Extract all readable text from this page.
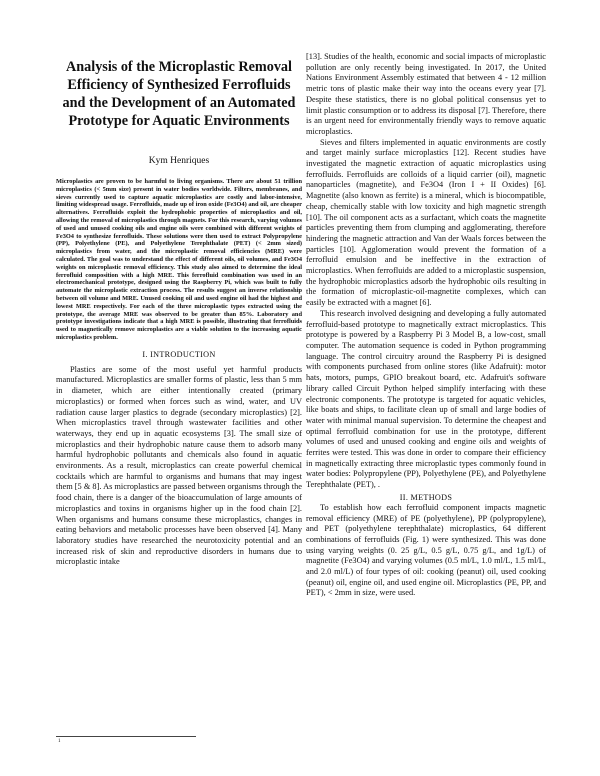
Analysis of the Microplastic Removal Efficiency of Synthesized Ferrofluids and the Development of an Automated Prototype for Aquatic Environments
Kym Henriques

Microplastics are proven to be harmful to living organisms. There are about 51 trillion microplastics (< 5mm size) present in water bodies worldwide. Filters, membranes, and sieves currently used to capture aquatic microplastics are costly and labor-intensive, limiting widespread usage. Ferrofluids, made up of iron oxide (Fe3O4) and oil, are cheaper alternatives. Ferrofluids exploit the hydrophobic properties of microplastics and oil, allowing the removal of microplastics through magnets. For this research, varying volumes of used and unused cooking oils and engine oils were combined with different weights of Fe3O4 to synthesize ferrofluids. These solutions were then used to extract Polypropylene (PP), Polyethylene (PE), and Polyethylene Terephthalate (PET) (< 2mm sized) microplastics from water, and the microplastic removal efficiencies (MRE) were calculated. The goal was to understand the effect of different oils, oil volumes, and Fe3O4 weights on microplastic removal efficiency. This study also aimed to determine the ideal ferrofluid composition with a high MRE. This ferrofluid combination was used in an electromechanical prototype, designed using the Raspberry Pi, which was built to fully automate the microplastic extraction process. The results suggest an inverse relationship between oil volume and MRE. Unused cooking oil and used engine oil had the highest and lowest MRE respectively. For each of the three microplastic types extracted using the prototype, the average MRE was observed to be greater than 85%. Laboratory and prototype investigations indicate that a high MRE is possible, illustrating that ferrofluids used to magnetically remove microplastics are a viable solution to the increasing aquatic microplastics problem.

I. INTRODUCTION

Plastics are some of the most useful yet harmful products manufactured. Microplastics are smaller forms of plastic, less than 5 mm in diameter, which are either intentionally created (primary microplastics) or formed when forces such as wind, water, and UV radiation cause larger plastics to degrade (secondary microplastics) [2]. When microplastics travel through wastewater facilities and other waterways, they end up in aquatic ecosystems [3]. The small size of microplastics and their hydrophobic nature cause them to adsorb many harmful hydrophobic pollutants and chemicals also found in aquatic environments. As a result, microplastics can create powerful chemical cocktails which are harmful to organisms and humans that may ingest them [5 & 8]. As microplastics are passed between organisms through the food chain, there is a danger of the bioaccumulation of large amounts of microplastics and toxins in organisms higher up in the food chain [2]. When organisms and humans consume these microplastics, changes in eating behaviors and metabolic processes have been observed [4]. Many laboratory studies have researched the neurotoxicity potential and an increased risk of skin and reproductive disorders in humans due to microplastic intake

[13]. Studies of the health, economic and social impacts of microplastic pollution are only recently being investigated. In 2017, the United Nations Environment Assembly estimated that between 4 - 12 million metric tons of plastic make their way into the oceans every year [7]. Despite these statistics, there is no global political consensus yet to limit plastic consumption or to address its disposal [7]. Therefore, there is an urgent need for environmentally friendly ways to remove aquatic microplastics.

Sieves and filters implemented in aquatic environments are costly and target mainly surface microplastics [12]. Recent studies have investigated the magnetic extraction of aquatic microplastics using ferrofluids. Ferrofluids are colloids of a liquid carrier (oil), magnetic nanoparticles (magnetite), and Fe3O4 (Iron I + II Oxides) [6]. Magnetite (also known as ferrite) is a mineral, which is biocompatible, cheap, chemically stable with low toxicity and high magnetic strength [10]. The oil component acts as a surfactant, which coats the magnetite particles preventing them from clumping and agglomerating, therefore hindering the magnetic attraction and Van der Waals forces between the particles [10]. Agglomeration would prevent the formation of a ferrofluid emulsion and be ineffective in the extraction of microplastics. When ferrofluids are added to a microplastic suspension, the hydrophobic microplastics adsorb the hydrophobic oils resulting in the formation of microplastic-oil-magnetite complexes, which can easily be extracted with a magnet [6].

This research involved designing and developing a fully automated ferrofluid-based prototype to magnetically extract microplastics. This prototype is powered by a Raspberry Pi 3 Model B, a low-cost, small computer. The automation sequence is coded in Python programming language. The control circuitry around the Raspberry Pi is designed with components purchased from online stores (like Adafruit): motor hats, motors, pumps, GPIO breakout board, etc. Adafruit's software library called Circuit Python helped simplify interfacing with these electronic components. The prototype is targeted for aquatic vehicles, like boats and ships, to facilitate clean up of small and large bodies of water with minimal manual supervision. To determine the cheapest and optimal ferrofluid combination for use in the prototype, different volumes of used and unused cooking and engine oils and weights of ferrites were tested. This was done in order to compare their efficiency in magnetically extracting three microplastic types commonly found in water bodies: Polypropylene (PP), Polyethylene (PE), and Polyethylene Terephthalate (PET), .

II. METHODS

To establish how each ferrofluid component impacts magnetic removal efficiency (MRE) of PE (polyethylene), PP (polypropylene), and PET (polyethylene terephthalate) microplastics, 64 different combinations of ferrofluids (Fig. 1) were synthesized. This was done using varying weights (0. 25 g/L, 0.5 g/L, 0.75 g/L, and 1g/L) of magnetite (Fe3O4) and varying volumes (0.5 ml/L, 1.0 ml/L, 1.5 ml/L, and 2.0 ml/L) of four types of oil: cooking (peanut) oil, used cooking (peanut) oil, engine oil, and used engine oil. Microplastics (PE, PP, and PET), < 2mm in size, were used.

1
